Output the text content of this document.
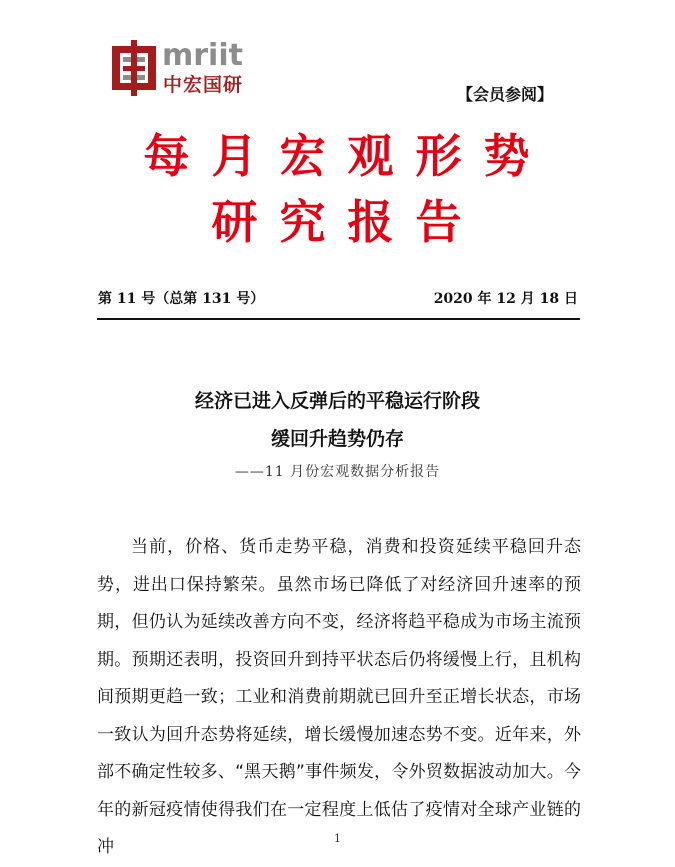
mriit
中宏国研	【会员参阅】
每月宏观形势
研究报告
第 11 号（总第 131 号）	2020 年 12 月 18 日
经济已进入反弹后的平稳运行阶段
缓回升趋势仍存
——11 月份宏观数据分析报告

当前，价格、货币走势平稳，消费和投资延续平稳回升态势，进出口保持繁荣。虽然市场已降低了对经济回升速率的预期，但仍认为延续改善方向不变，经济将趋平稳成为市场主流预期。预期还表明，投资回升到持平状态后仍将缓慢上行，且机构间预期更趋一致；工业和消费前期就已回升至正增长状态，市场一致认为回升态势将延续，增长缓慢加速态势不变。近年来，外部不确定性较多、“黑天鹅”事件频发，令外贸数据波动加大。今年的新冠疫情使得我们在一定程度上低估了疫情对全球产业链的冲	1
